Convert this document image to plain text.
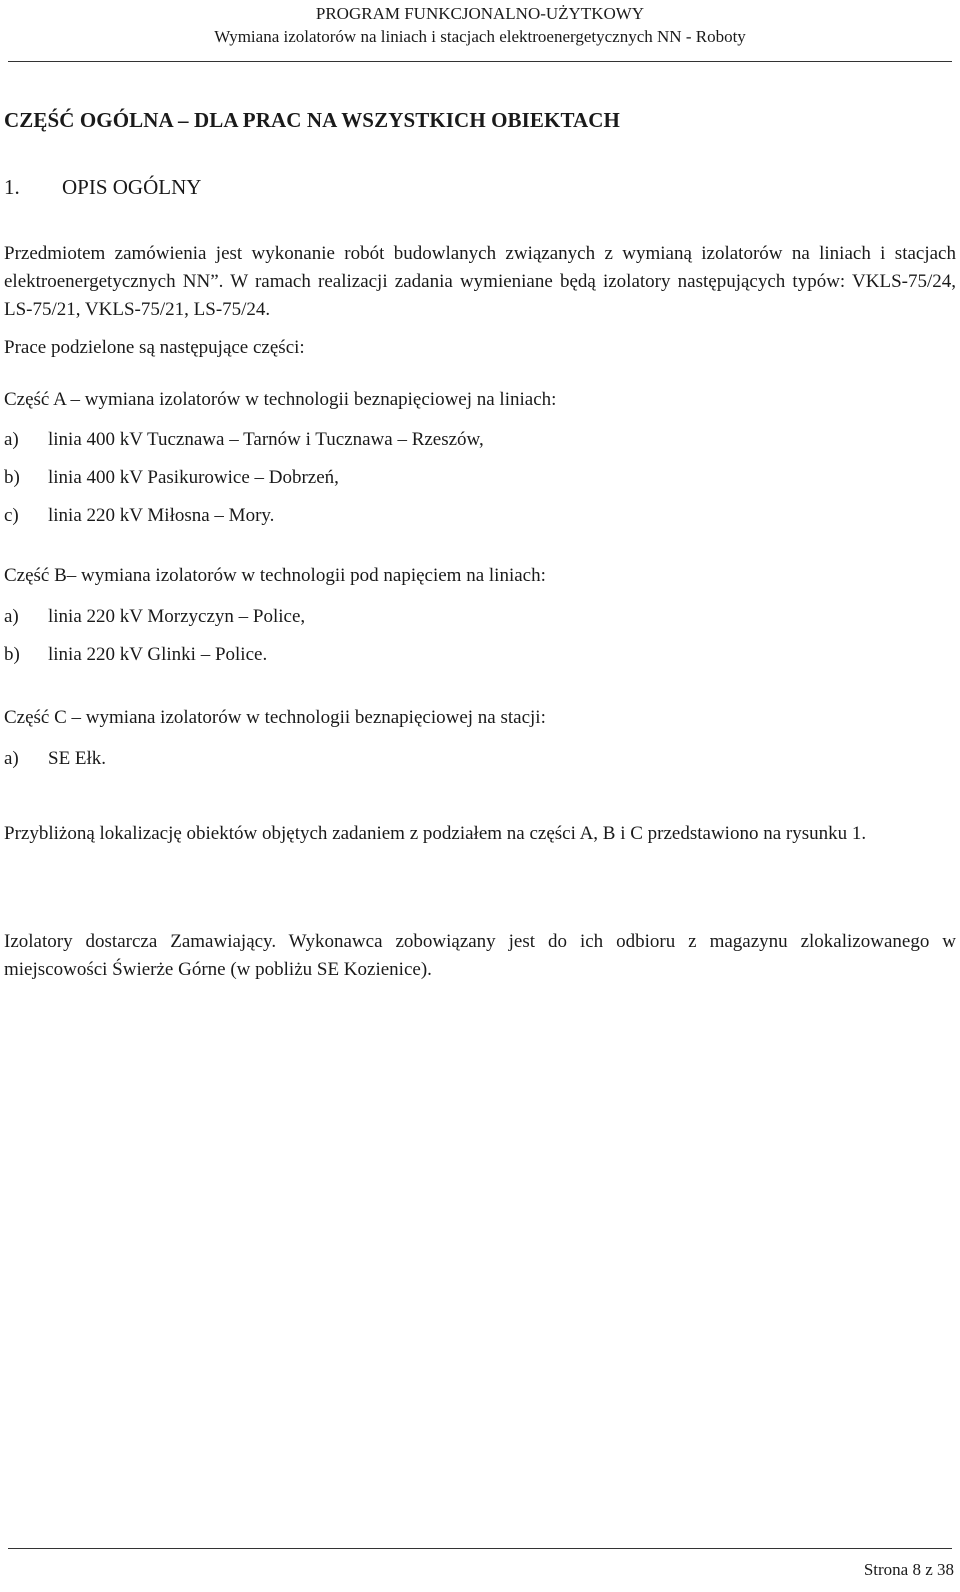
PROGRAM FUNKCJONALNO-UŻYTKOWY
Wymiana izolatorów na liniach i stacjach elektroenergetycznych NN - Roboty
CZĘŚĆ OGÓLNA – DLA PRAC NA WSZYSTKICH OBIEKTACH
1.	OPIS OGÓLNY
Przedmiotem zamówienia jest wykonanie robót budowlanych związanych z wymianą izolatorów na liniach i stacjach elektroenergetycznych NN”. W ramach realizacji zadania wymieniane będą izolatory następujących typów: VKLS-75/24, LS-75/21, VKLS-75/21, LS-75/24.
Prace podzielone są następujące części:
Część A – wymiana izolatorów w technologii beznapięciowej na liniach:
a)	linia 400 kV Tucznawa – Tarnów i Tucznawa – Rzeszów,
b)	linia 400 kV Pasikurowice – Dobrzeń,
c)	linia 220 kV Miłosna – Mory.
Część B– wymiana izolatorów w technologii pod napięciem na liniach:
a)	linia 220 kV Morzyczyn – Police,
b)	linia 220 kV Glinki – Police.
Część C – wymiana izolatorów w technologii beznapięciowej na stacji:
a)	SE Ełk.
Przybliżoną lokalizację obiektów objętych zadaniem z podziałem na części A, B i C przedstawiono na rysunku 1.
Izolatory dostarcza Zamawiający. Wykonawca zobowiązany jest do ich odbioru z magazynu zlokalizowanego w miejscowości Świerże Górne (w pobliżu SE Kozienice).
Strona 8 z 38
